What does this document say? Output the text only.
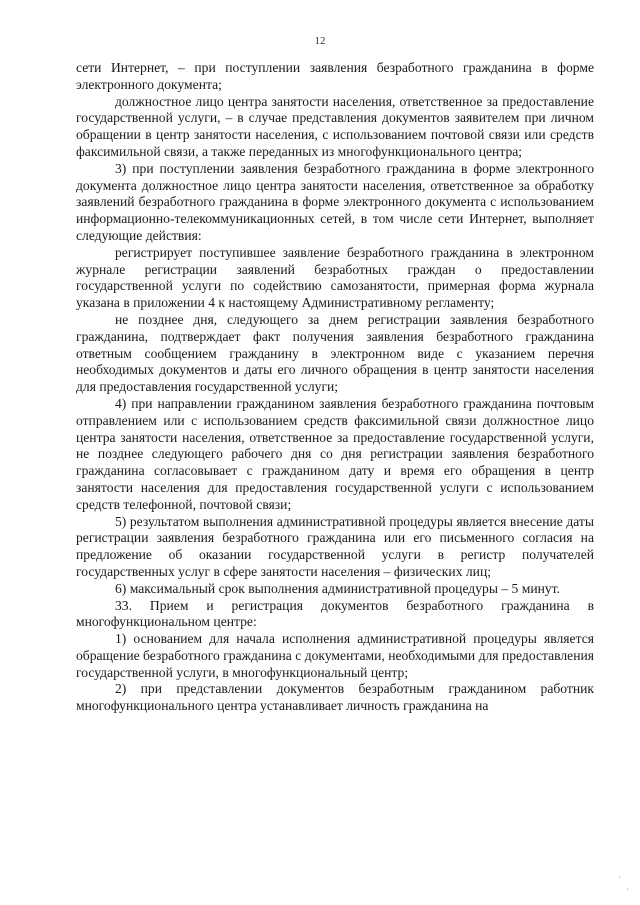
12

сети Интернет, – при поступлении заявления безработного гражданина в форме электронного документа;

должностное лицо центра занятости населения, ответственное за предоставление государственной услуги, – в случае представления документов заявителем при личном обращении в центр занятости населения, с использованием почтовой связи или средств факсимильной связи, а также переданных из многофункционального центра;

3) при поступлении заявления безработного гражданина в форме электронного документа должностное лицо центра занятости населения, ответственное за обработку заявлений безработного гражданина в форме электронного документа с использованием информационно-телекоммуникационных сетей, в том числе сети Интернет, выполняет следующие действия:

регистрирует поступившее заявление безработного гражданина в электронном журнале регистрации заявлений безработных граждан о предоставлении государственной услуги по содействию самозанятости, примерная форма журнала указана в приложении 4 к настоящему Административному регламенту;

не позднее дня, следующего за днем регистрации заявления безработного гражданина, подтверждает факт получения заявления безработного гражданина ответным сообщением гражданину в электронном виде с указанием перечня необходимых документов и даты его личного обращения в центр занятости населения для предоставления государственной услуги;

4) при направлении гражданином заявления безработного гражданина почтовым отправлением или с использованием средств факсимильной связи должностное лицо центра занятости населения, ответственное за предоставление государственной услуги, не позднее следующего рабочего дня со дня регистрации заявления безработного гражданина согласовывает с гражданином дату и время его обращения в центр занятости населения для предоставления государственной услуги с использованием средств телефонной, почтовой связи;

5) результатом выполнения административной процедуры является внесение даты регистрации заявления безработного гражданина или его письменного согласия на предложение об оказании государственной услуги в регистр получателей государственных услуг в сфере занятости населения – физических лиц;

6) максимальный срок выполнения административной процедуры – 5 минут.

33. Прием и регистрация документов безработного гражданина в многофункциональном центре:

1) основанием для начала исполнения административной процедуры является обращение безработного гражданина с документами, необходимыми для предоставления государственной услуги, в многофункциональный центр;

2) при представлении документов безработным гражданином работник многофункционального центра устанавливает личность гражданина на

·
·
